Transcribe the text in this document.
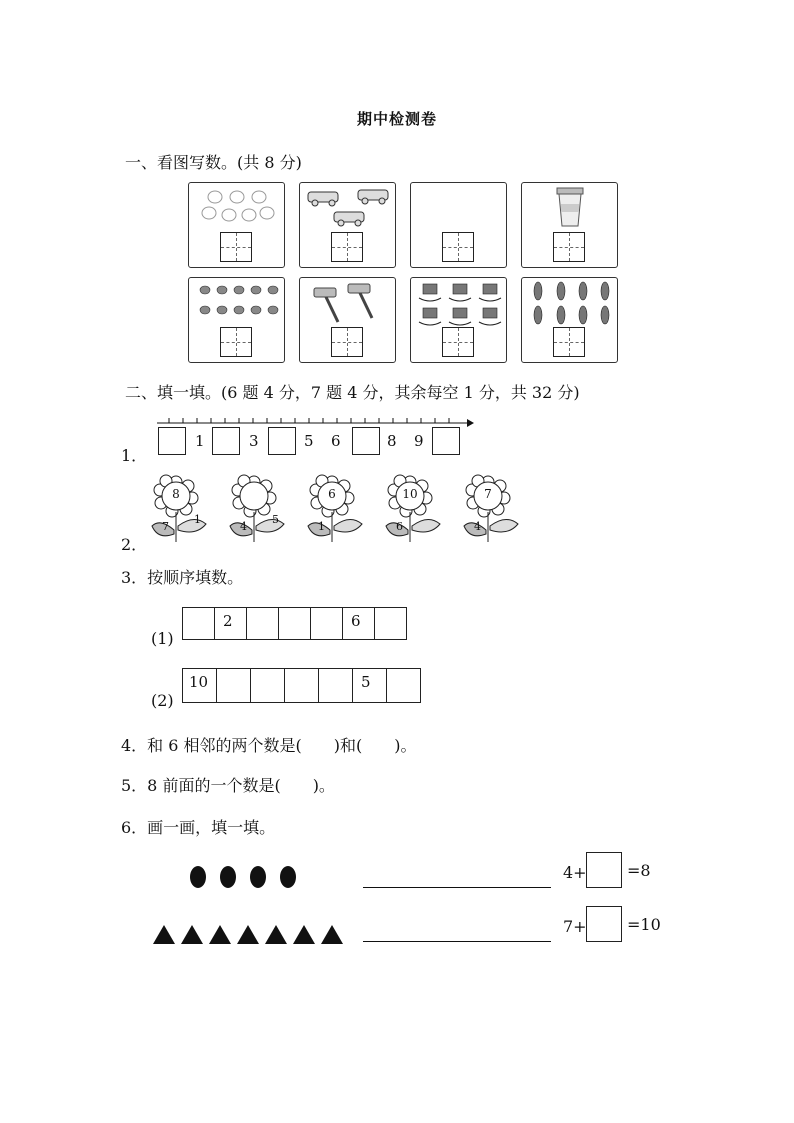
期中检测卷
一、看图写数。(共 8 分)
二、填一填。(6 题 4 分，7 题 4 分，其余每空 1 分，共 32 分)
1．
1	3	5 6	8 9
2．
8
7
1
4
5
6
1
10
6
7
4
3．按顺序填数。
(1)
2	6
(2)
10	5
4．和 6 相邻的两个数是(　　)和(　　)。
5．8 前面的一个数是(　　)。
6．画一画，填一填。
4+	=8
7+	=10
